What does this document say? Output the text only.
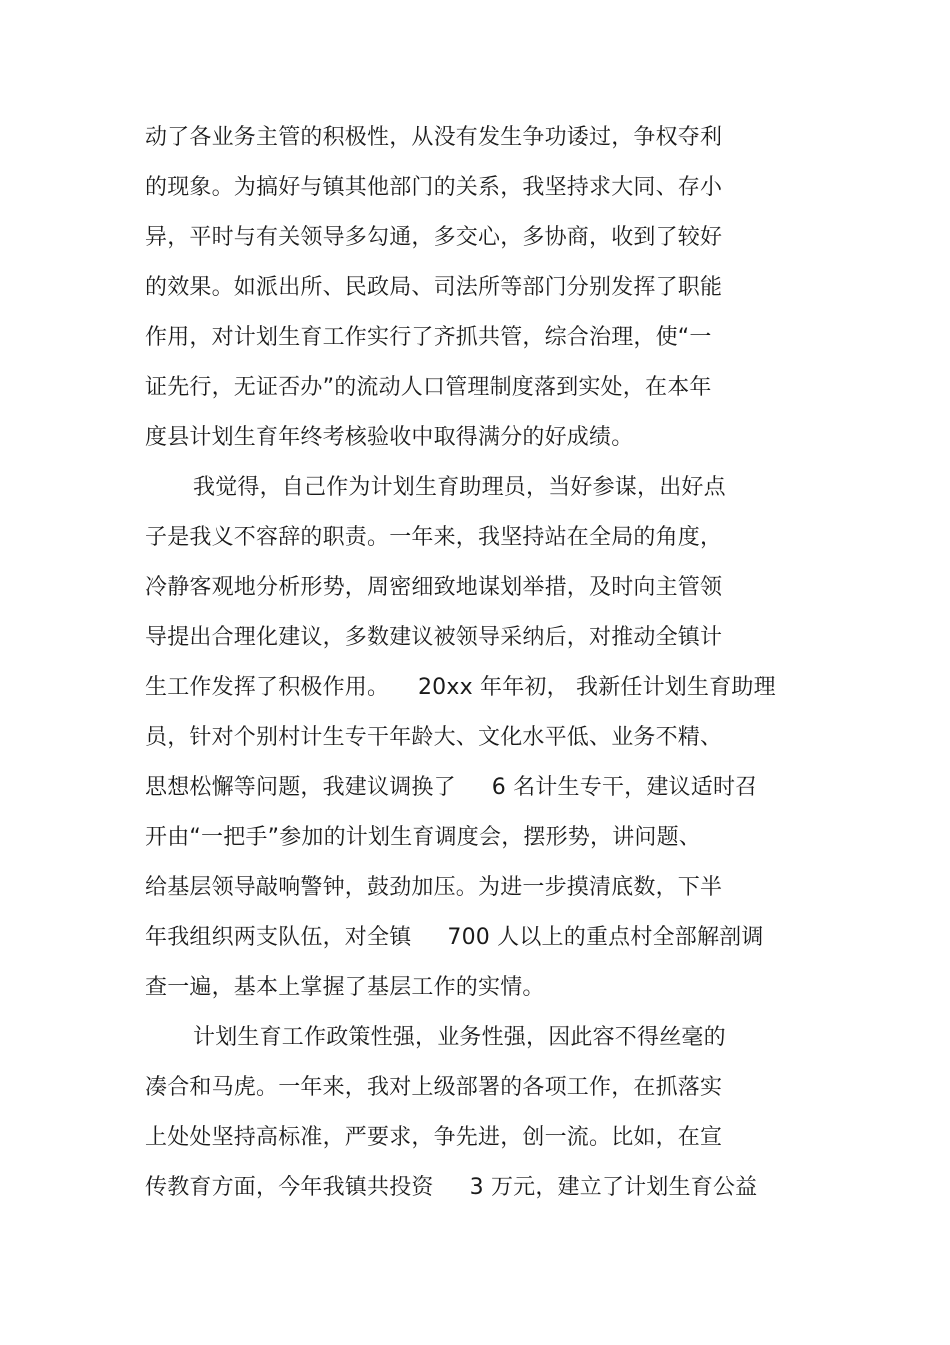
动了各业务主管的积极性，从没有发生争功诿过，争权夺利
的现象。为搞好与镇其他部门的关系，我坚持求大同、存小
异，平时与有关领导多勾通，多交心，多协商，收到了较好
的效果。如派出所、民政局、司法所等部门分别发挥了职能
作用，对计划生育工作实行了齐抓共管，综合治理，使“一
证先行，无证否办”的流动人口管理制度落到实处，在本年
度县计划生育年终考核验收中取得满分的好成绩。
我觉得，自己作为计划生育助理员，当好参谋，出好点
子是我义不容辞的职责。一年来，我坚持站在全局的角度，
冷静客观地分析形势，周密细致地谋划举措，及时向主管领
导提出合理化建议，多数建议被领导采纳后，对推动全镇计
生工作发挥了积极作用。    20xx 年年初， 我新任计划生育助理
员，针对个别村计生专干年龄大、文化水平低、业务不精、
思想松懈等问题，我建议调换了     6 名计生专干，建议适时召
开由“一把手”参加的计划生育调度会，摆形势，讲问题、
给基层领导敲响警钟，鼓劲加压。为进一步摸清底数，下半
年我组织两支队伍，对全镇     700 人以上的重点村全部解剖调
查一遍，基本上掌握了基层工作的实情。
计划生育工作政策性强，业务性强，因此容不得丝毫的
凑合和马虎。一年来，我对上级部署的各项工作，在抓落实
上处处坚持高标准，严要求，争先进，创一流。比如，在宣
传教育方面，今年我镇共投资     3 万元，建立了计划生育公益
